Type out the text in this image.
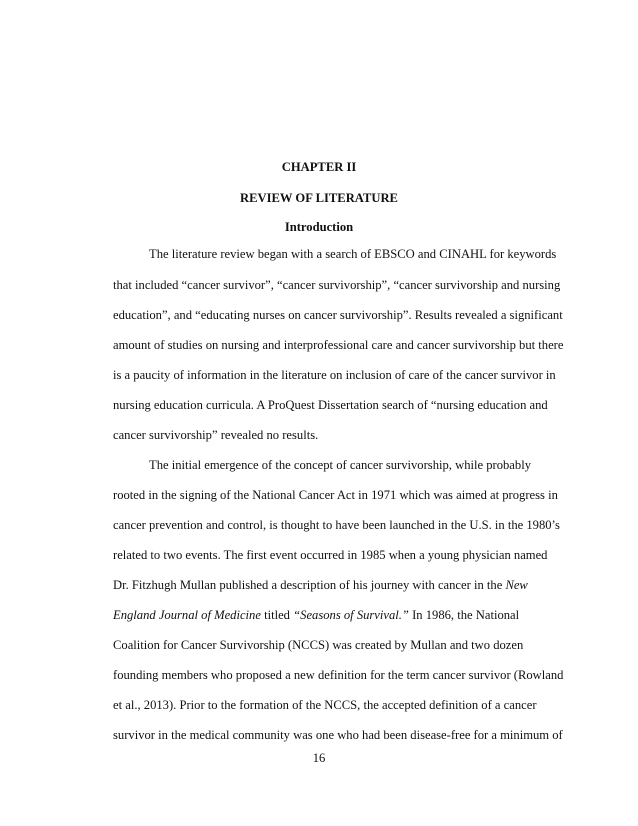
CHAPTER II
REVIEW OF LITERATURE
Introduction
The literature review began with a search of EBSCO and CINAHL for keywords
that included “cancer survivor”, “cancer survivorship”, “cancer survivorship and nursing
education”, and “educating nurses on cancer survivorship”. Results revealed a significant
amount of studies on nursing and interprofessional care and cancer survivorship but there
is a paucity of information in the literature on inclusion of care of the cancer survivor in
nursing education curricula. A ProQuest Dissertation search of “nursing education and
cancer survivorship” revealed no results.
The initial emergence of the concept of cancer survivorship, while probably
rooted in the signing of the National Cancer Act in 1971 which was aimed at progress in
cancer prevention and control, is thought to have been launched in the U.S. in the 1980’s
related to two events. The first event occurred in 1985 when a young physician named
Dr. Fitzhugh Mullan published a description of his journey with cancer in the New
England Journal of Medicine titled “Seasons of Survival.” In 1986, the National
Coalition for Cancer Survivorship (NCCS) was created by Mullan and two dozen
founding members who proposed a new definition for the term cancer survivor (Rowland
et al., 2013). Prior to the formation of the NCCS, the accepted definition of a cancer
survivor in the medical community was one who had been disease-free for a minimum of
16
